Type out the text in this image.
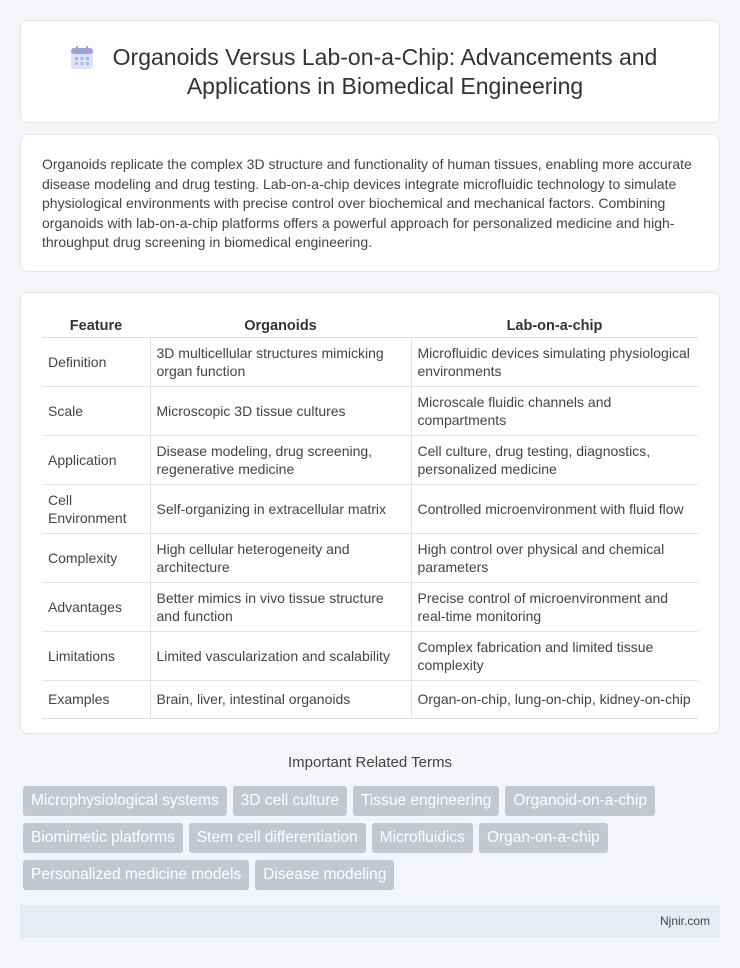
Organoids Versus Lab-on-a-Chip: Advancements and Applications in Biomedical Engineering

Organoids replicate the complex 3D structure and functionality of human tissues, enabling more accurate disease modeling and drug testing. Lab-on-a-chip devices integrate microfluidic technology to simulate physiological environments with precise control over biochemical and mechanical factors. Combining organoids with lab-on-a-chip platforms offers a powerful approach for personalized medicine and high-throughput drug screening in biomedical engineering.

Feature	Organoids	Lab-on-a-chip
Definition	3D multicellular structures mimicking organ function	Microfluidic devices simulating physiological environments
Scale	Microscopic 3D tissue cultures	Microscale fluidic channels and compartments
Application	Disease modeling, drug screening, regenerative medicine	Cell culture, drug testing, diagnostics, personalized medicine
Cell Environment	Self-organizing in extracellular matrix	Controlled microenvironment with fluid flow
Complexity	High cellular heterogeneity and architecture	High control over physical and chemical parameters
Advantages	Better mimics in vivo tissue structure and function	Precise control of microenvironment and real-time monitoring
Limitations	Limited vascularization and scalability	Complex fabrication and limited tissue complexity
Examples	Brain, liver, intestinal organoids	Organ-on-chip, lung-on-chip, kidney-on-chip
Important Related Terms
Microphysiological systems	3D cell culture	Tissue engineering	Organoid-on-a-chip
Biomimetic platforms	Stem cell differentiation	Microfluidics	Organ-on-a-chip
Personalized medicine models	Disease modeling
Njnir.com
